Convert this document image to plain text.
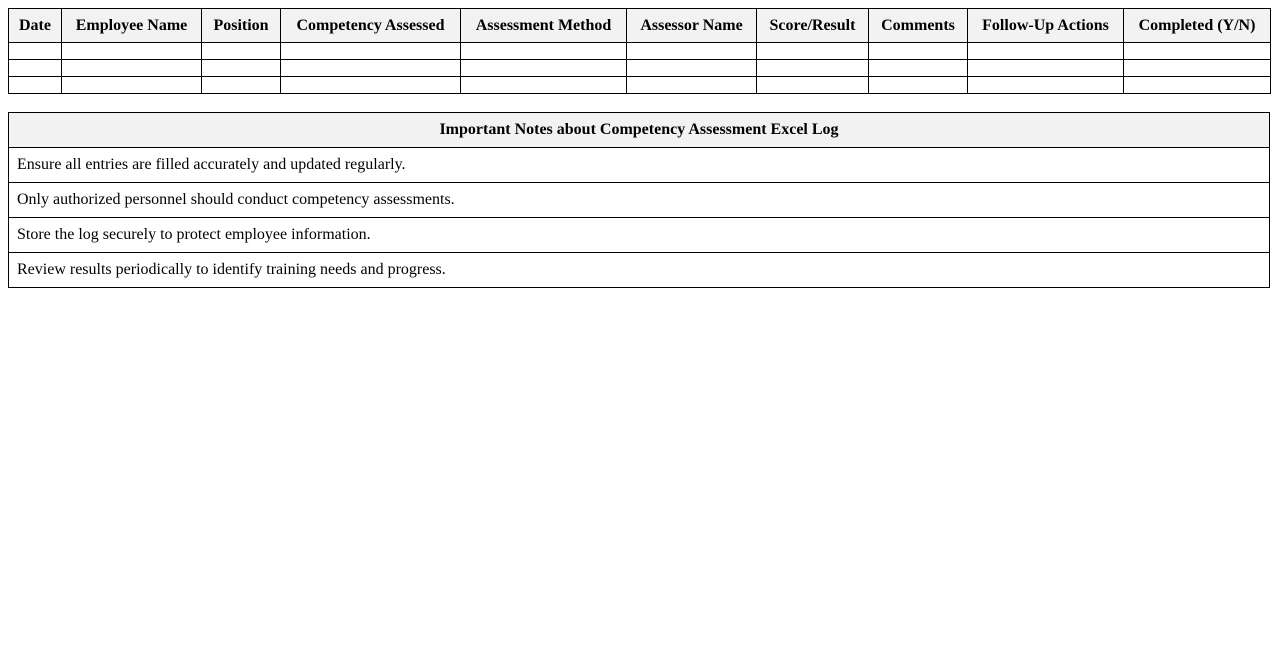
Date	Employee Name	Position	Competency Assessed	Assessment Method	Assessor Name	Score/Result	Comments	Follow-Up Actions	Completed (Y/N)

Important Notes about Competency Assessment Excel Log
Ensure all entries are filled accurately and updated regularly.
Only authorized personnel should conduct competency assessments.
Store the log securely to protect employee information.
Review results periodically to identify training needs and progress.
